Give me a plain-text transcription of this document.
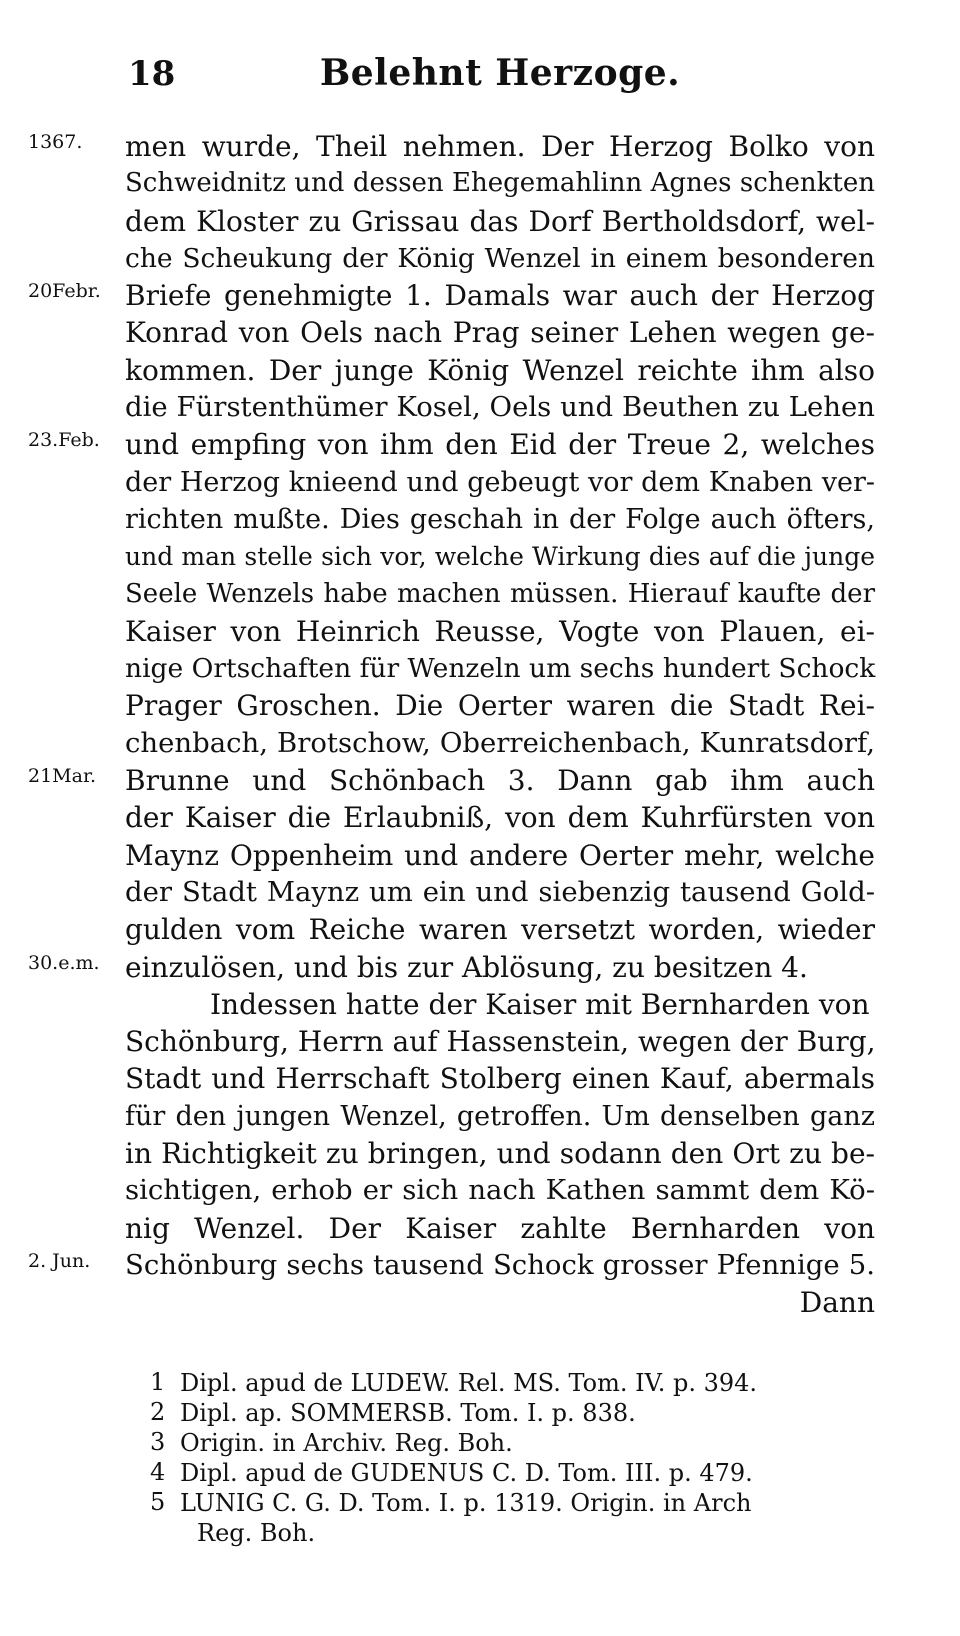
18	Belehnt Herzoge.
1367.	men wurde, Theil nehmen. Der Herzog Bolko von
Schweidnitz und dessen Ehegemahlinn Agnes schenkten
dem Kloster zu Grissau das Dorf Bertholdsdorf, wel-
che Scheukung der König Wenzel in einem besonderen
20Febr. Briefe genehmigte 1. Damals war auch der Herzog
Konrad von Oels nach Prag seiner Lehen wegen ge-
kommen. Der junge König Wenzel reichte ihm also
die Fürstenthümer Kosel, Oels und Beuthen zu Lehen
23.Feb. und empfing von ihm den Eid der Treue 2, welches
der Herzog knieend und gebeugt vor dem Knaben ver-
richten mußte. Dies geschah in der Folge auch öfters,
und man stelle sich vor, welche Wirkung dies auf die junge
Seele Wenzels habe machen müssen. Hierauf kaufte der
Kaiser von Heinrich Reusse, Vogte von Plauen, ei-
nige Ortschaften für Wenzeln um sechs hundert Schock
Prager Groschen. Die Oerter waren die Stadt Rei-
chenbach, Brotschow, Oberreichenbach, Kunratsdorf,
21Mar.	Brunne und Schönbach 3. Dann gab ihm auch
der Kaiser die Erlaubniß, von dem Kuhrfürsten von
Maynz Oppenheim und andere Oerter mehr, welche
der Stadt Maynz um ein und siebenzig tausend Gold-
gulden vom Reiche waren versetzt worden, wieder
30.e.m. einzulösen, und bis zur Ablösung, zu besitzen 4.
Indessen hatte der Kaiser mit Bernharden von
Schönburg, Herrn auf Hassenstein, wegen der Burg,
Stadt und Herrschaft Stolberg einen Kauf, abermals
für den jungen Wenzel, getroffen. Um denselben ganz
in Richtigkeit zu bringen, und sodann den Ort zu be-
sichtigen, erhob er sich nach Kathen sammt dem Kö-
nig Wenzel. Der Kaiser zahlte Bernharden von
2. Jun.	Schönburg sechs tausend Schock grosser Pfennige 5.
Dann
1 Dipl. apud de LUDEW. Rel. MS. Tom. IV. p. 394.
2 Dipl. ap. SOMMERSB. Tom. I. p. 838.
3 Origin. in Archiv. Reg. Boh.
4 Dipl. apud de GUDENUS C. D. Tom. III. p. 479.
5 LUNIG C. G. D. Tom. I. p. 1319. Origin. in Arch
Reg. Boh.
